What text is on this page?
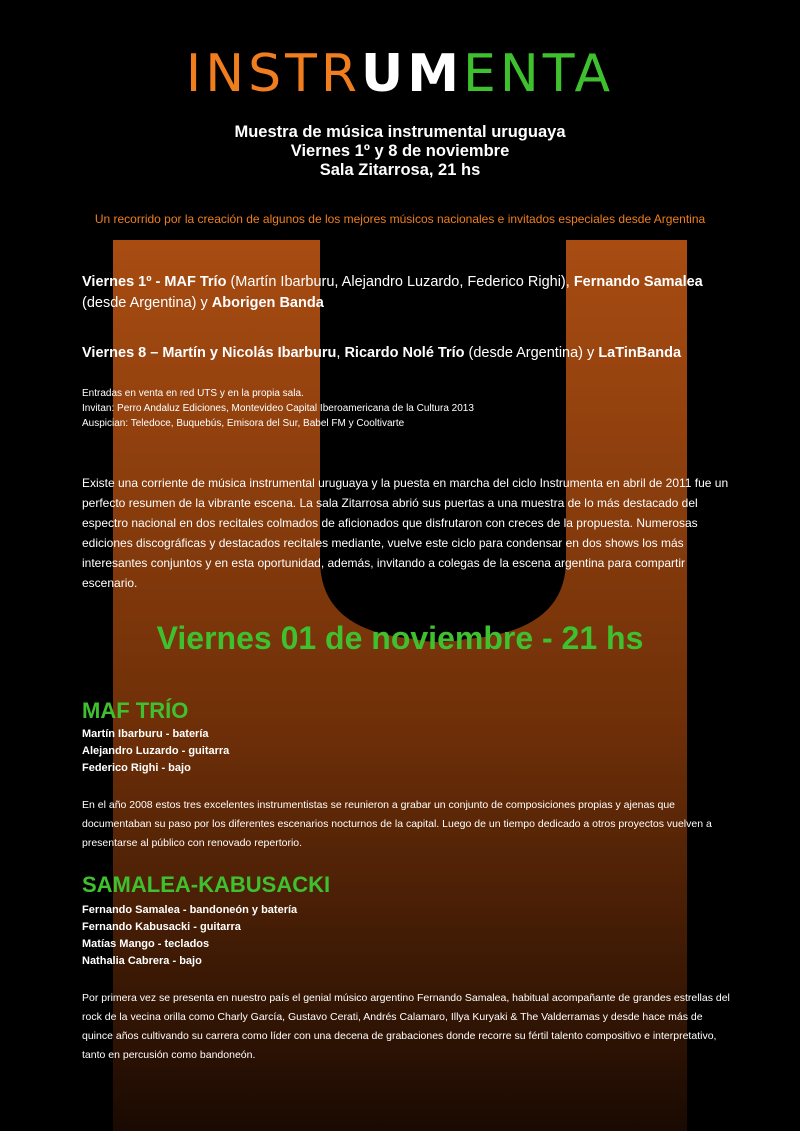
INSTRUMENTA
Muestra de música instrumental uruguaya
Viernes 1º y 8 de noviembre
Sala Zitarrosa, 21 hs
Un recorrido por la creación de algunos de los mejores músicos nacionales e invitados especiales desde Argentina
Viernes 1º - MAF Trío (Martín Ibarburu, Alejandro Luzardo, Federico Righi), Fernando Samalea (desde Argentina) y Aborigen Banda
Viernes 8 – Martín y Nicolás Ibarburu, Ricardo Nolé Trío (desde Argentina) y LaTinBanda
Entradas en venta en red UTS y en la propia sala.
Invitan: Perro Andaluz Ediciones, Montevideo Capital Iberoamericana de la Cultura 2013
Auspician: Teledoce, Buquebús, Emisora del Sur, Babel FM y Cooltivarte
Existe una corriente de música instrumental uruguaya y la puesta en marcha del ciclo Instrumenta en abril de 2011 fue un perfecto resumen de la vibrante escena. La sala Zitarrosa abrió sus puertas a una muestra de lo más destacado del espectro nacional en dos recitales colmados de aficionados que disfrutaron con creces de la propuesta. Numerosas ediciones discográficas y destacados recitales mediante, vuelve este ciclo para condensar en dos shows los más interesantes conjuntos y en esta oportunidad, además, invitando a colegas de la escena argentina para compartir escenario.
Viernes 01 de noviembre - 21 hs
MAF TRÍO
Martín Ibarburu - batería
Alejandro Luzardo - guitarra
Federico Righi - bajo
En el año 2008 estos tres excelentes instrumentistas se reunieron a grabar un conjunto de composiciones propias y ajenas que documentaban su paso por los diferentes escenarios nocturnos de la capital. Luego de un tiempo dedicado a otros proyectos vuelven a presentarse al público con renovado repertorio.
SAMALEA-KABUSACKI
Fernando Samalea - bandoneón y batería
Fernando Kabusacki - guitarra
Matías Mango - teclados
Nathalia Cabrera - bajo
Por primera vez se presenta en nuestro país el genial músico argentino Fernando Samalea, habitual acompañante de grandes estrellas del rock de la vecina orilla como Charly García, Gustavo Cerati, Andrés Calamaro, Illya Kuryaki & The Valderramas y desde hace más de quince años cultivando su carrera como líder con una decena de grabaciones donde recorre su fértil talento compositivo e interpretativo, tanto en percusión como bandoneón.
